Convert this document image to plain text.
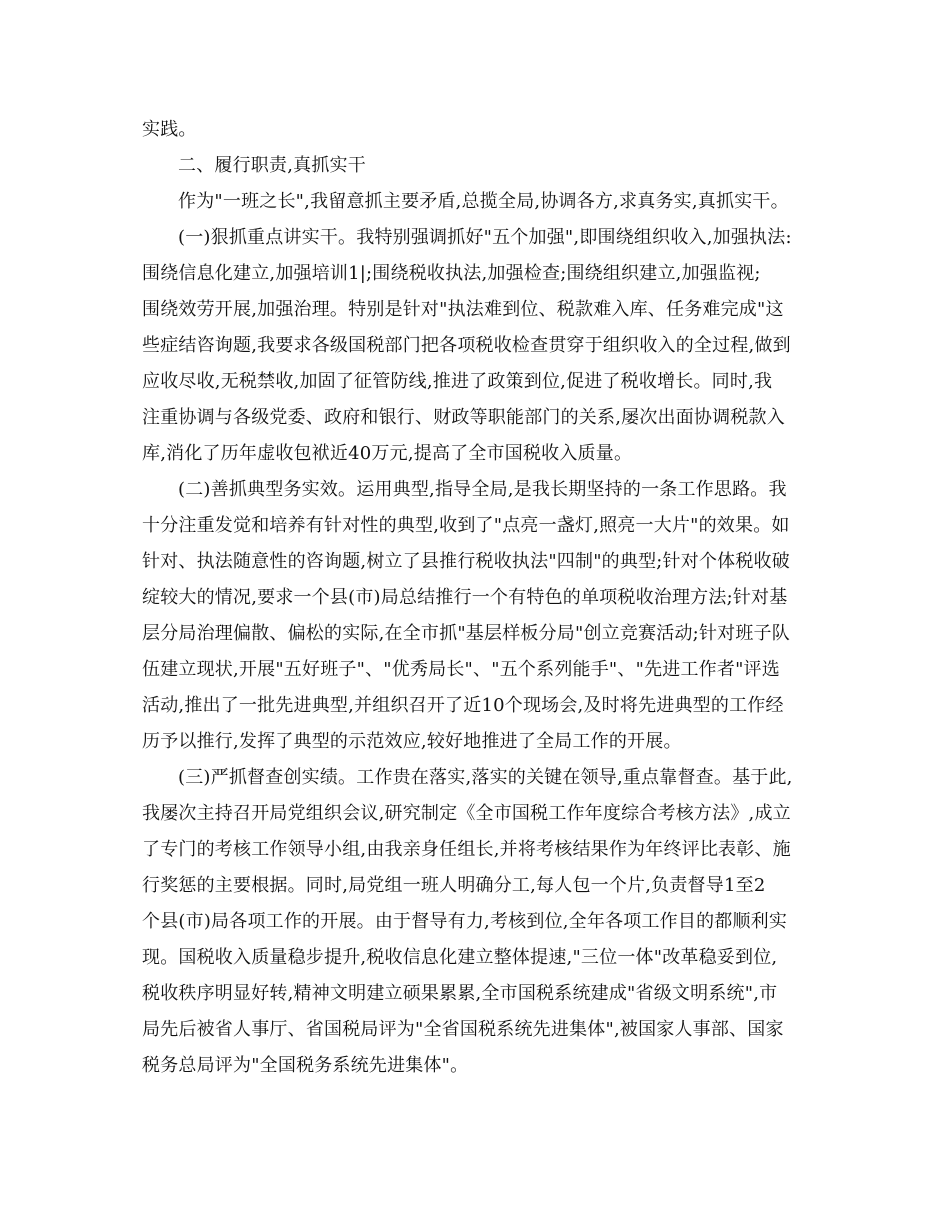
实践。
二、履行职责,真抓实干
作为"一班之长",我留意抓主要矛盾,总揽全局,协调各方,求真务实,真抓实干。
(一)狠抓重点讲实干。我特别强调抓好"五个加强",即围绕组织收入,加强执法:
围绕信息化建立,加强培训1|;围绕税收执法,加强检查;围绕组织建立,加强监视;
围绕效劳开展,加强治理。特别是针对"执法难到位、税款难入库、任务难完成"这
些症结咨询题,我要求各级国税部门把各项税收检查贯穿于组织收入的全过程,做到
应收尽收,无税禁收,加固了征管防线,推进了政策到位,促进了税收增长。同时,我
注重协调与各级党委、政府和银行、财政等职能部门的关系,屡次出面协调税款入
库,消化了历年虚收包袱近40万元,提高了全市国税收入质量。
(二)善抓典型务实效。运用典型,指导全局,是我长期坚持的一条工作思路。我
十分注重发觉和培养有针对性的典型,收到了"点亮一盏灯,照亮一大片"的效果。如
针对、执法随意性的咨询题,树立了县推行税收执法"四制"的典型;针对个体税收破
绽较大的情况,要求一个县(市)局总结推行一个有特色的单项税收治理方法;针对基
层分局治理偏散、偏松的实际,在全市抓"基层样板分局"创立竞赛活动;针对班子队
伍建立现状,开展"五好班子"、"优秀局长"、"五个系列能手"、"先进工作者"评选
活动,推出了一批先进典型,并组织召开了近10个现场会,及时将先进典型的工作经
历予以推行,发挥了典型的示范效应,较好地推进了全局工作的开展。
(三)严抓督查创实绩。工作贵在落实,落实的关键在领导,重点靠督查。基于此,
我屡次主持召开局党组织会议,研究制定《全市国税工作年度综合考核方法》,成立
了专门的考核工作领导小组,由我亲身任组长,并将考核结果作为年终评比表彰、施
行奖惩的主要根据。同时,局党组一班人明确分工,每人包一个片,负责督导1至2
个县(市)局各项工作的开展。由于督导有力,考核到位,全年各项工作目的都顺利实
现。国税收入质量稳步提升,税收信息化建立整体提速,"三位一体"改革稳妥到位,
税收秩序明显好转,精神文明建立硕果累累,全市国税系统建成"省级文明系统",市
局先后被省人事厅、省国税局评为"全省国税系统先进集体",被国家人事部、国家
税务总局评为"全国税务系统先进集体"。
